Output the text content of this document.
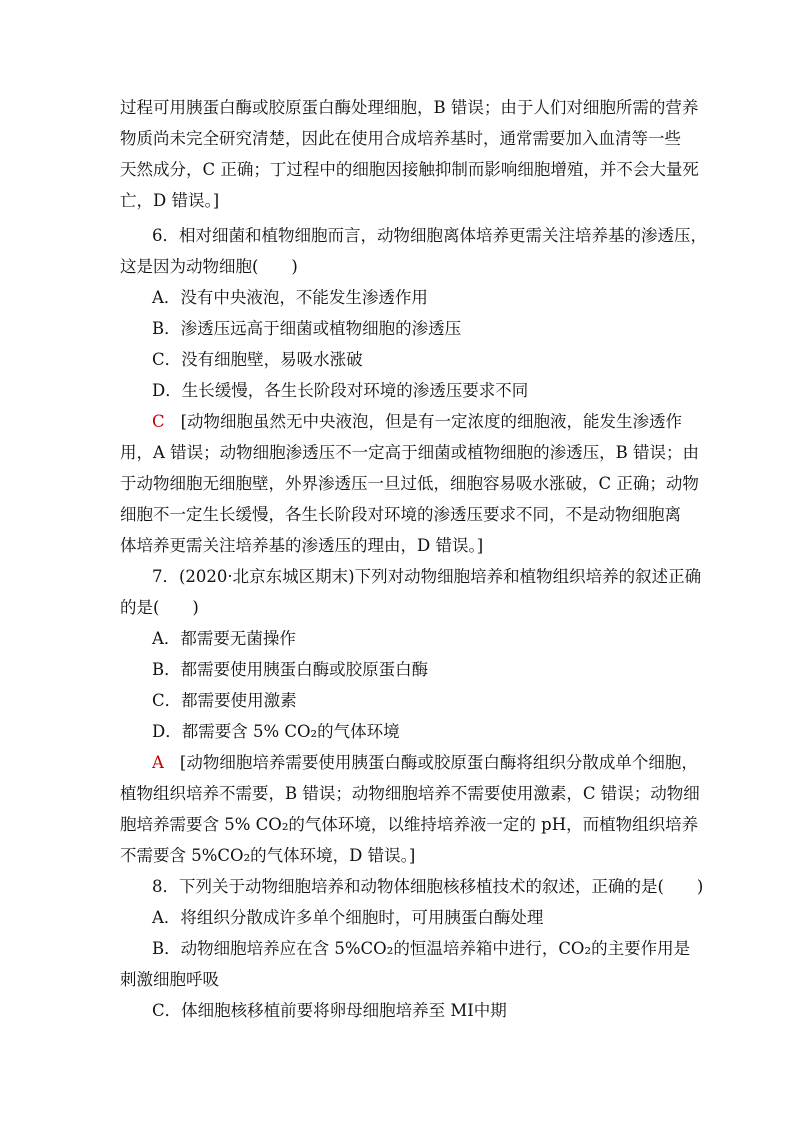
过程可用胰蛋白酶或胶原蛋白酶处理细胞，B 错误；由于人们对细胞所需的营养
物质尚未完全研究清楚，因此在使用合成培养基时，通常需要加入血清等一些
天然成分，C 正确；丁过程中的细胞因接触抑制而影响细胞增殖，并不会大量死
亡，D 错误。]
6．相对细菌和植物细胞而言，动物细胞离体培养更需关注培养基的渗透压，
这是因为动物细胞(　　)
A．没有中央液泡，不能发生渗透作用
B．渗透压远高于细菌或植物细胞的渗透压
C．没有细胞壁，易吸水涨破
D．生长缓慢，各生长阶段对环境的渗透压要求不同
C [动物细胞虽然无中央液泡，但是有一定浓度的细胞液，能发生渗透作
用，A 错误；动物细胞渗透压不一定高于细菌或植物细胞的渗透压，B 错误；由
于动物细胞无细胞壁，外界渗透压一旦过低，细胞容易吸水涨破，C 正确；动物
细胞不一定生长缓慢，各生长阶段对环境的渗透压要求不同，不是动物细胞离
体培养更需关注培养基的渗透压的理由，D 错误。]
7．(2020·北京东城区期末)下列对动物细胞培养和植物组织培养的叙述正确
的是(　　)
A．都需要无菌操作
B．都需要使用胰蛋白酶或胶原蛋白酶
C．都需要使用激素
D．都需要含 5% CO₂的气体环境
A [动物细胞培养需要使用胰蛋白酶或胶原蛋白酶将组织分散成单个细胞，
植物组织培养不需要，B 错误；动物细胞培养不需要使用激素，C 错误；动物细
胞培养需要含 5% CO₂的气体环境，以维持培养液一定的 pH，而植物组织培养
不需要含 5%CO₂的气体环境，D 错误。]
8．下列关于动物细胞培养和动物体细胞核移植技术的叙述，正确的是(　　)
A．将组织分散成许多单个细胞时，可用胰蛋白酶处理
B．动物细胞培养应在含 5%CO₂的恒温培养箱中进行，CO₂的主要作用是
刺激细胞呼吸
C．体细胞核移植前要将卵母细胞培养至 MⅠ中期
